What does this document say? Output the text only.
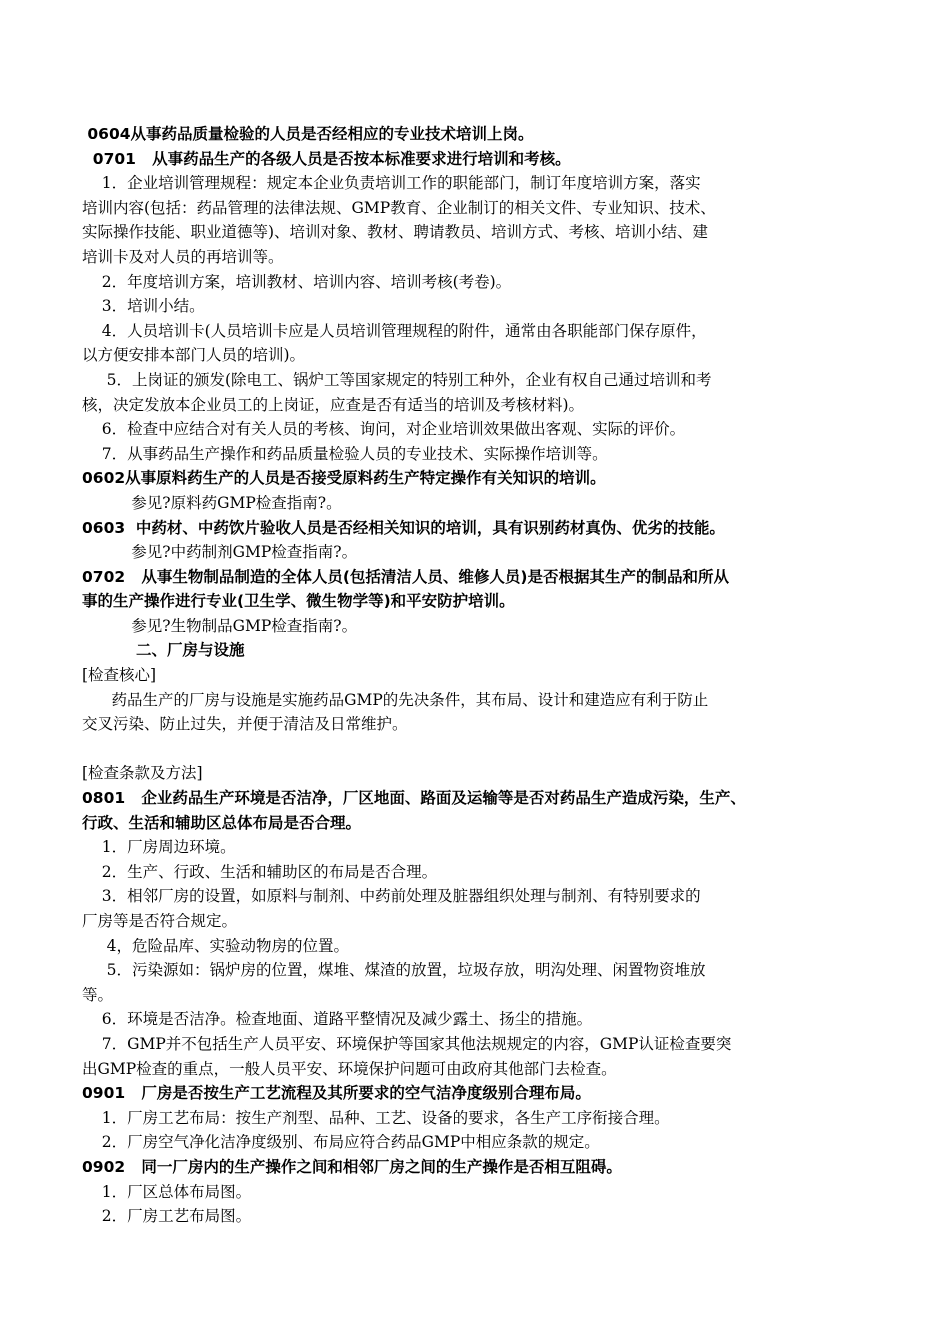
0604从事药品质量检验的人员是否经相应的专业技术培训上岗。
0701   从事药品生产的各级人员是否按本标准要求进行培训和考核。
1．企业培训管理规程：规定本企业负责培训工作的职能部门，制订年度培训方案，落实
培训内容(包括：药品管理的法律法规、GMP教育、企业制订的相关文件、专业知识、技术、
实际操作技能、职业道德等)、培训对象、教材、聘请教员、培训方式、考核、培训小结、建
培训卡及对人员的再培训等。
2．年度培训方案，培训教材、培训内容、培训考核(考卷)。
3．培训小结。
4．人员培训卡(人员培训卡应是人员培训管理规程的附件，通常由各职能部门保存原件，
以方便安排本部门人员的培训)。
5．上岗证的颁发(除电工、锅炉工等国家规定的特别工种外，企业有权自己通过培训和考
核，决定发放本企业员工的上岗证，应查是否有适当的培训及考核材料)。
6．检查中应结合对有关人员的考核、询问，对企业培训效果做出客观、实际的评价。
7．从事药品生产操作和药品质量检验人员的专业技术、实际操作培训等。
0602从事原料药生产的人员是否接受原料药生产特定操作有关知识的培训。
参见?原料药GMP检查指南?。
0603  中药材、中药饮片验收人员是否经相关知识的培训，具有识别药材真伪、优劣的技能。
参见?中药制剂GMP检查指南?。
0702   从事生物制品制造的全体人员(包括清洁人员、维修人员)是否根据其生产的制品和所从
事的生产操作进行专业(卫生学、微生物学等)和平安防护培训。
参见?生物制品GMP检查指南?。
二、厂房与设施
[检查核心]
药品生产的厂房与设施是实施药品GMP的先决条件，其布局、设计和建造应有利于防止
交叉污染、防止过失，并便于清洁及日常维护。
[检查条款及方法]
0801   企业药品生产环境是否洁净，厂区地面、路面及运输等是否对药品生产造成污染，生产、
行政、生活和辅助区总体布局是否合理。
1．厂房周边环境。
2．生产、行政、生活和辅助区的布局是否合理。
3．相邻厂房的设置，如原料与制剂、中药前处理及脏器组织处理与制剂、有特别要求的
厂房等是否符合规定。
4，危险品库、实验动物房的位置。
5．污染源如：锅炉房的位置，煤堆、煤渣的放置，垃圾存放，明沟处理、闲置物资堆放
等。
6．环境是否洁净。检查地面、道路平整情况及减少露土、扬尘的措施。
7．GMP并不包括生产人员平安、环境保护等国家其他法规规定的内容，GMP认证检查要突
出GMP检查的重点，一般人员平安、环境保护问题可由政府其他部门去检查。
0901   厂房是否按生产工艺流程及其所要求的空气洁净度级别合理布局。
1．厂房工艺布局：按生产剂型、品种、工艺、设备的要求，各生产工序衔接合理。
2．厂房空气净化洁净度级别、布局应符合药品GMP中相应条款的规定。
0902   同一厂房内的生产操作之间和相邻厂房之间的生产操作是否相互阻碍。
1．厂区总体布局图。
2．厂房工艺布局图。
